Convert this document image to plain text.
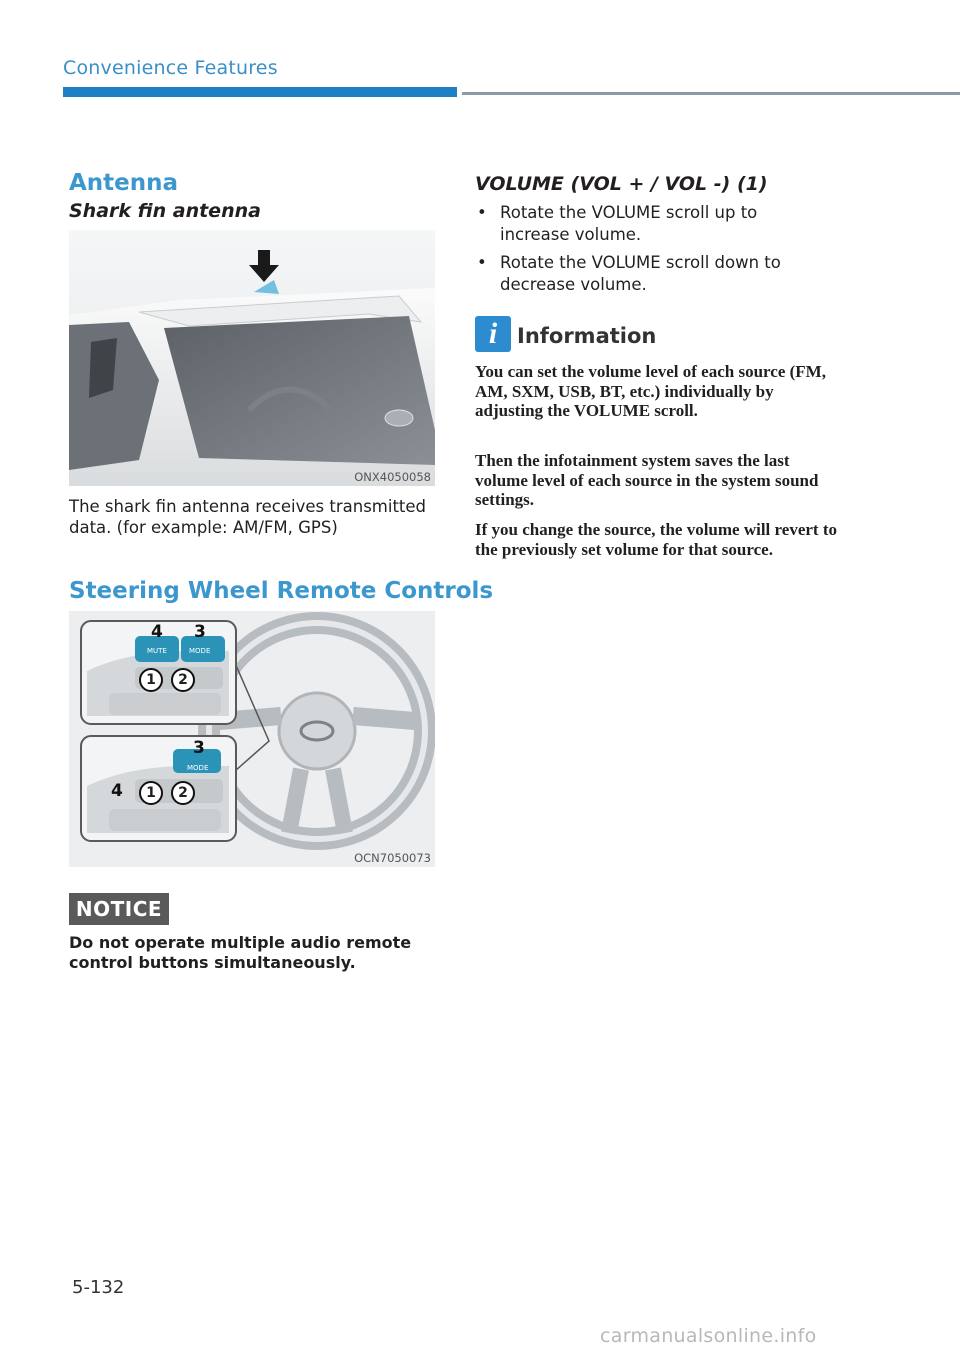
Convenience Features
Antenna
Shark fin antenna
ONX4050058
The shark fin antenna receives transmitted data. (for example: AM/FM, GPS)
Steering Wheel Remote Controls
4 3
MUTE	MODE
1	2
3
MODE
4	1	2
OCN7050073
NOTICE
Do not operate multiple audio remote control buttons simultaneously.
VOLUME (VOL + / VOL -) (1)
• Rotate the VOLUME scroll up to increase volume.
• Rotate the VOLUME scroll down to decrease volume.
i Information
You can set the volume level of each source (FM, AM, SXM, USB, BT, etc.) individually by adjusting the VOLUME scroll.
Then the infotainment system saves the last volume level of each source in the system sound settings.
If you change the source, the volume will revert to the previously set volume for that source.
5-132
carmanualsonline.info
